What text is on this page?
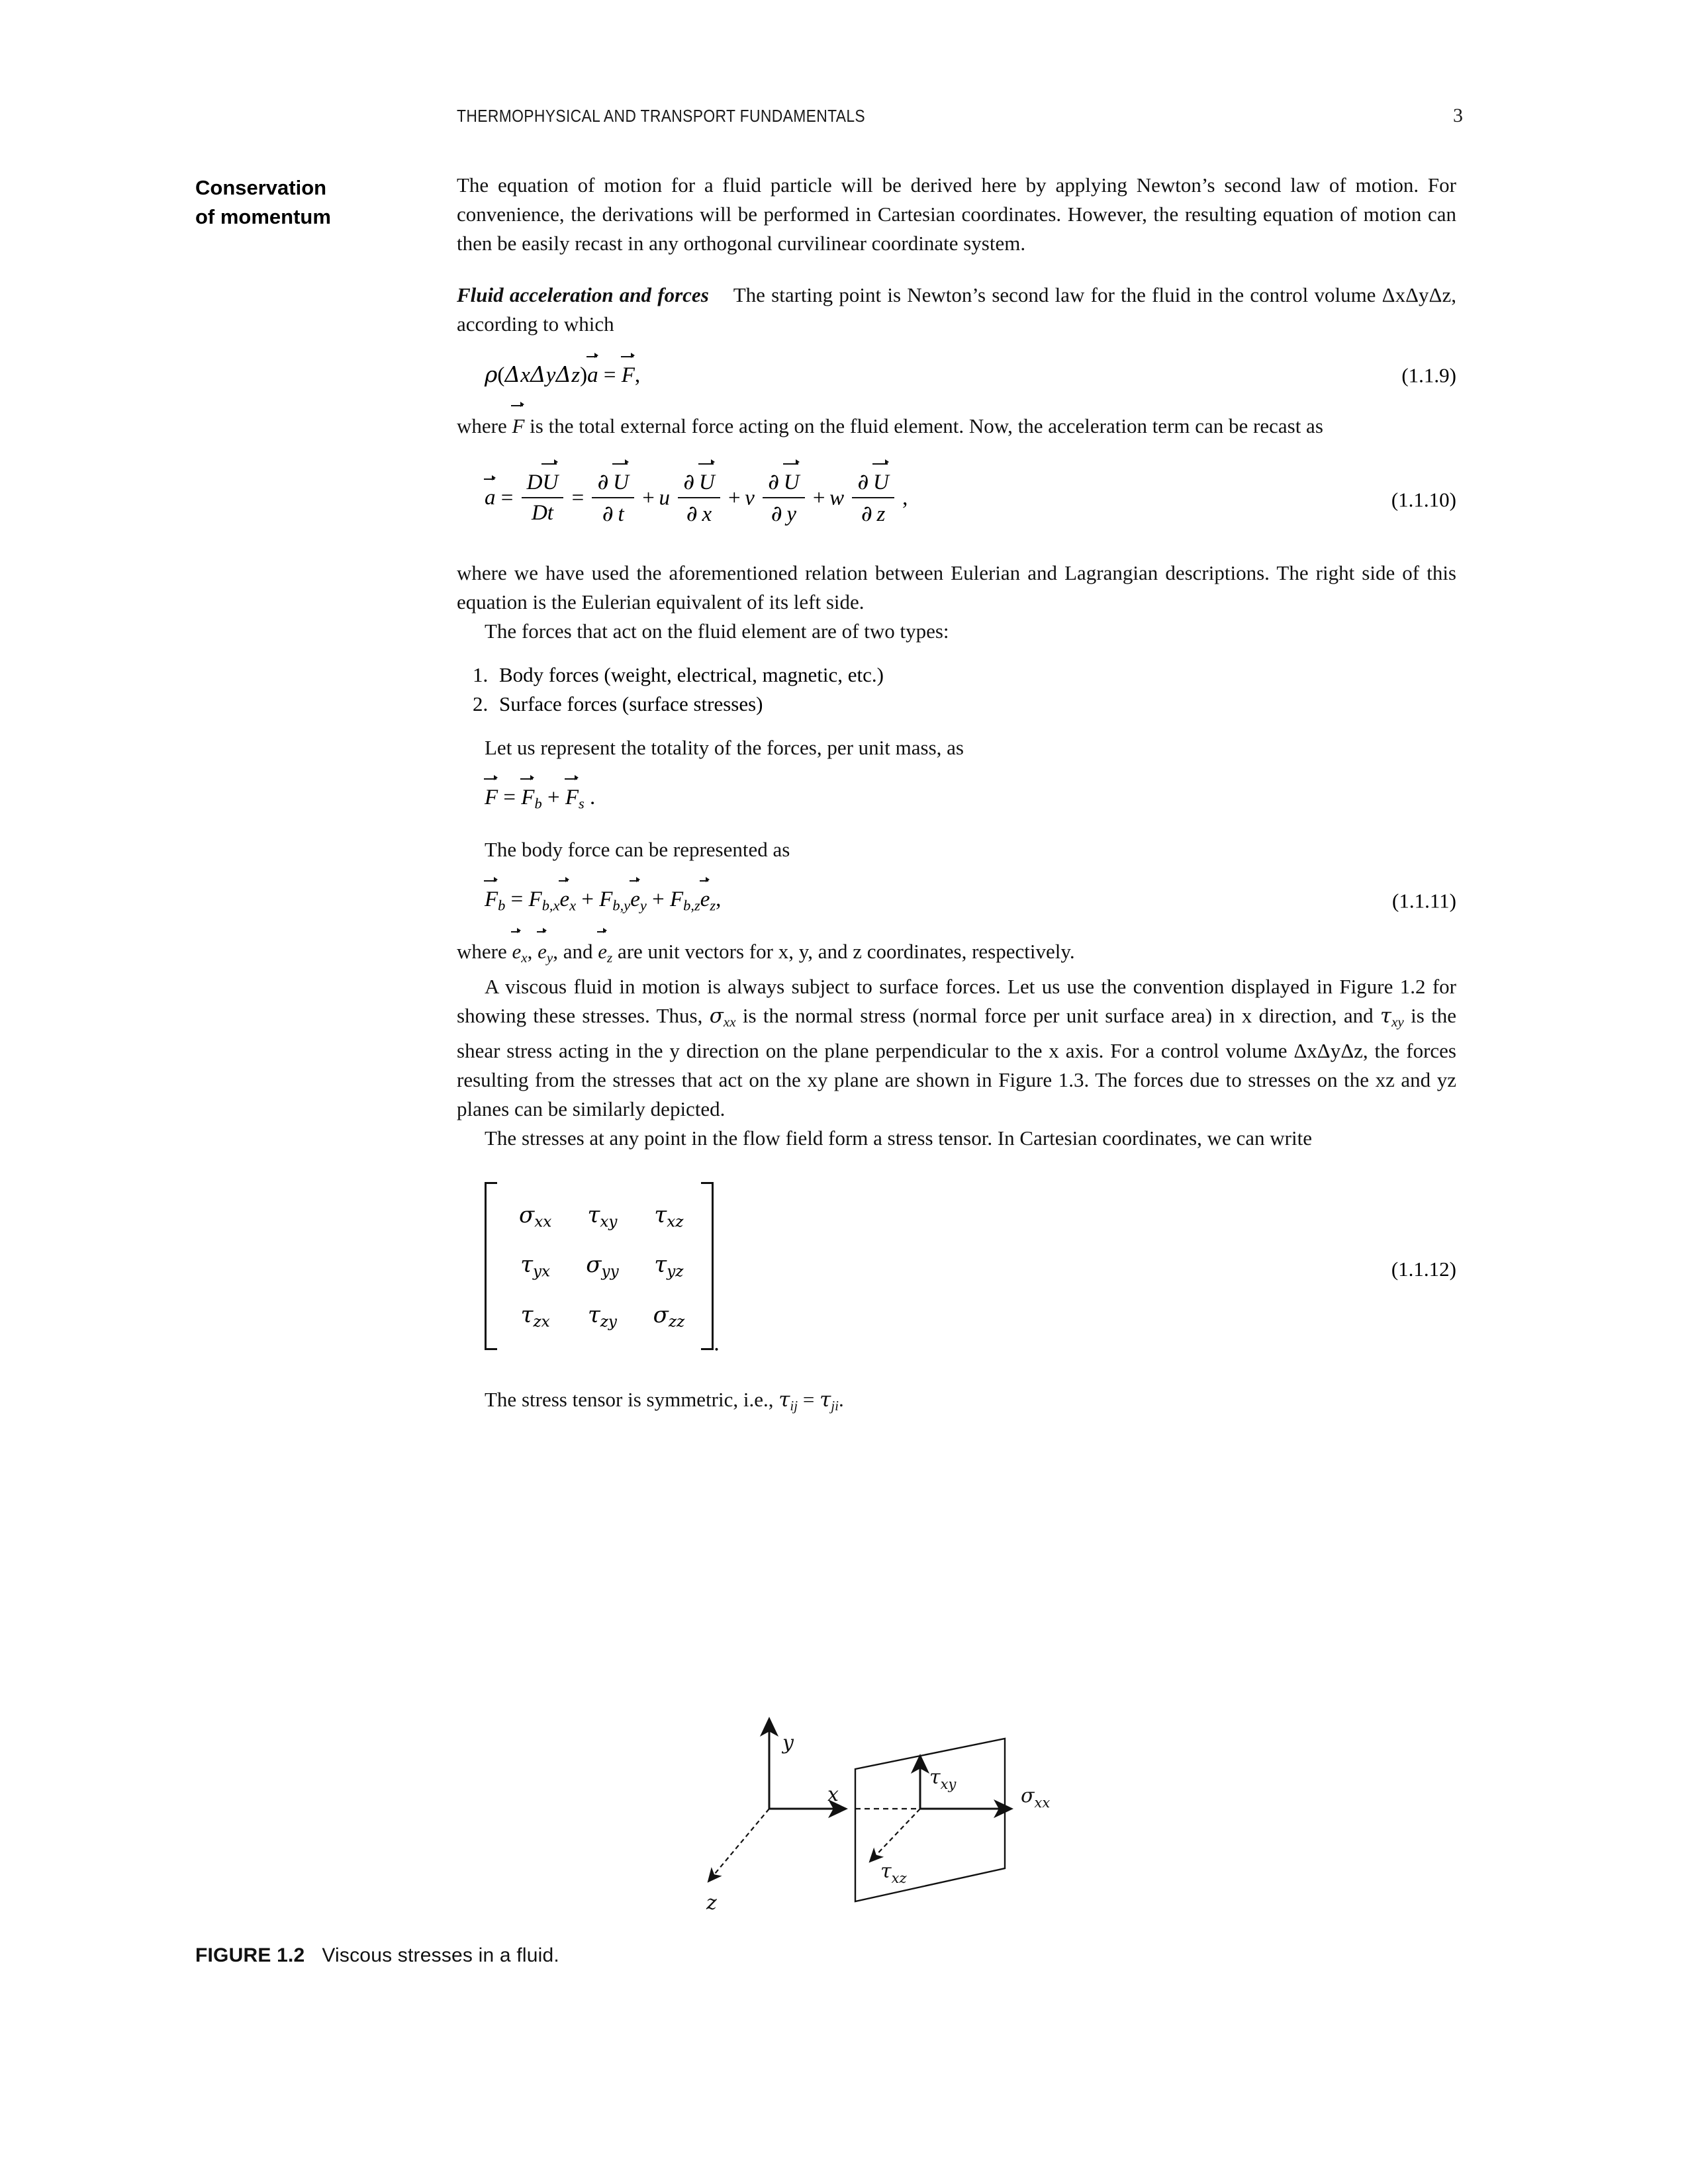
THERMOPHYSICAL AND TRANSPORT FUNDAMENTALS	3
Conservation
of momentum

The equation of motion for a fluid particle will be derived here by applying Newton’s second law of motion. For convenience, the derivations will be performed in Cartesian coordinates. However, the resulting equation of motion can then be easily recast in any orthogonal curvilinear coordinate system.

Fluid acceleration and forces The starting point is Newton’s second law for the fluid in the control volume ΔxΔyΔz, according to which

ρ(ΔxΔyΔz)a = F,	(1.1.9)

where F is the total external force acting on the fluid element. Now, the acceleration term can be recast as

$a = \frac{DU}{Dt} = \frac{\partial U}{\partial t} + u \frac{\partial U}{\partial x} + v \frac{\partial U}{\partial y} + w \frac{\partial U}{\partial z}$ ,	(1.1.10)

where we have used the aforementioned relation between Eulerian and Lagrangian descriptions. The right side of this equation is the Eulerian equivalent of its left side.

The forces that act on the fluid element are of two types:

1. Body forces (weight, electrical, magnetic, etc.)
2. Surface forces (surface stresses)

Let us represent the totality of the forces, per unit mass, as

$F = F_b + F_s$ .

The body force can be represented as

$F_b = F_{b,x}e_x + F_{b,y}e_y + F_{b,z}e_z$,	(1.1.11)

where $e_x$, $e_y$, and $e_z$ are unit vectors for x, y, and z coordinates, respectively.

A viscous fluid in motion is always subject to surface forces. Let us use the convention displayed in Figure 1.2 for showing these stresses. Thus, $\sigma_{xx}$ is the normal stress (normal force per unit surface area) in x direction, and $\tau_{xy}$ is the shear stress acting in the y direction on the plane perpendicular to the x axis. For a control volume ΔxΔyΔz, the forces resulting from the stresses that act on the xy plane are shown in Figure 1.3. The forces due to stresses on the xz and yz planes can be similarly depicted.

The stresses at any point in the flow field form a stress tensor. In Cartesian coordinates, we can write

$\sigma_{xx}$	$\tau_{xy}$	$\tau_{xz}$
$\tau_{yx}$	$\sigma_{yy}$	$\tau_{yz}$
$\tau_{zx}$	$\tau_{zy}$	$\sigma_{zz}$
.
(1.1.12)

The stress tensor is symmetric, i.e., $\tau_{ij} = \tau_{ji}$.

y
z
x	$\sigma_{xx}$
$\tau_{xy}$
$\tau_{xz}$
FIGURE 1.2 Viscous stresses in a fluid.
